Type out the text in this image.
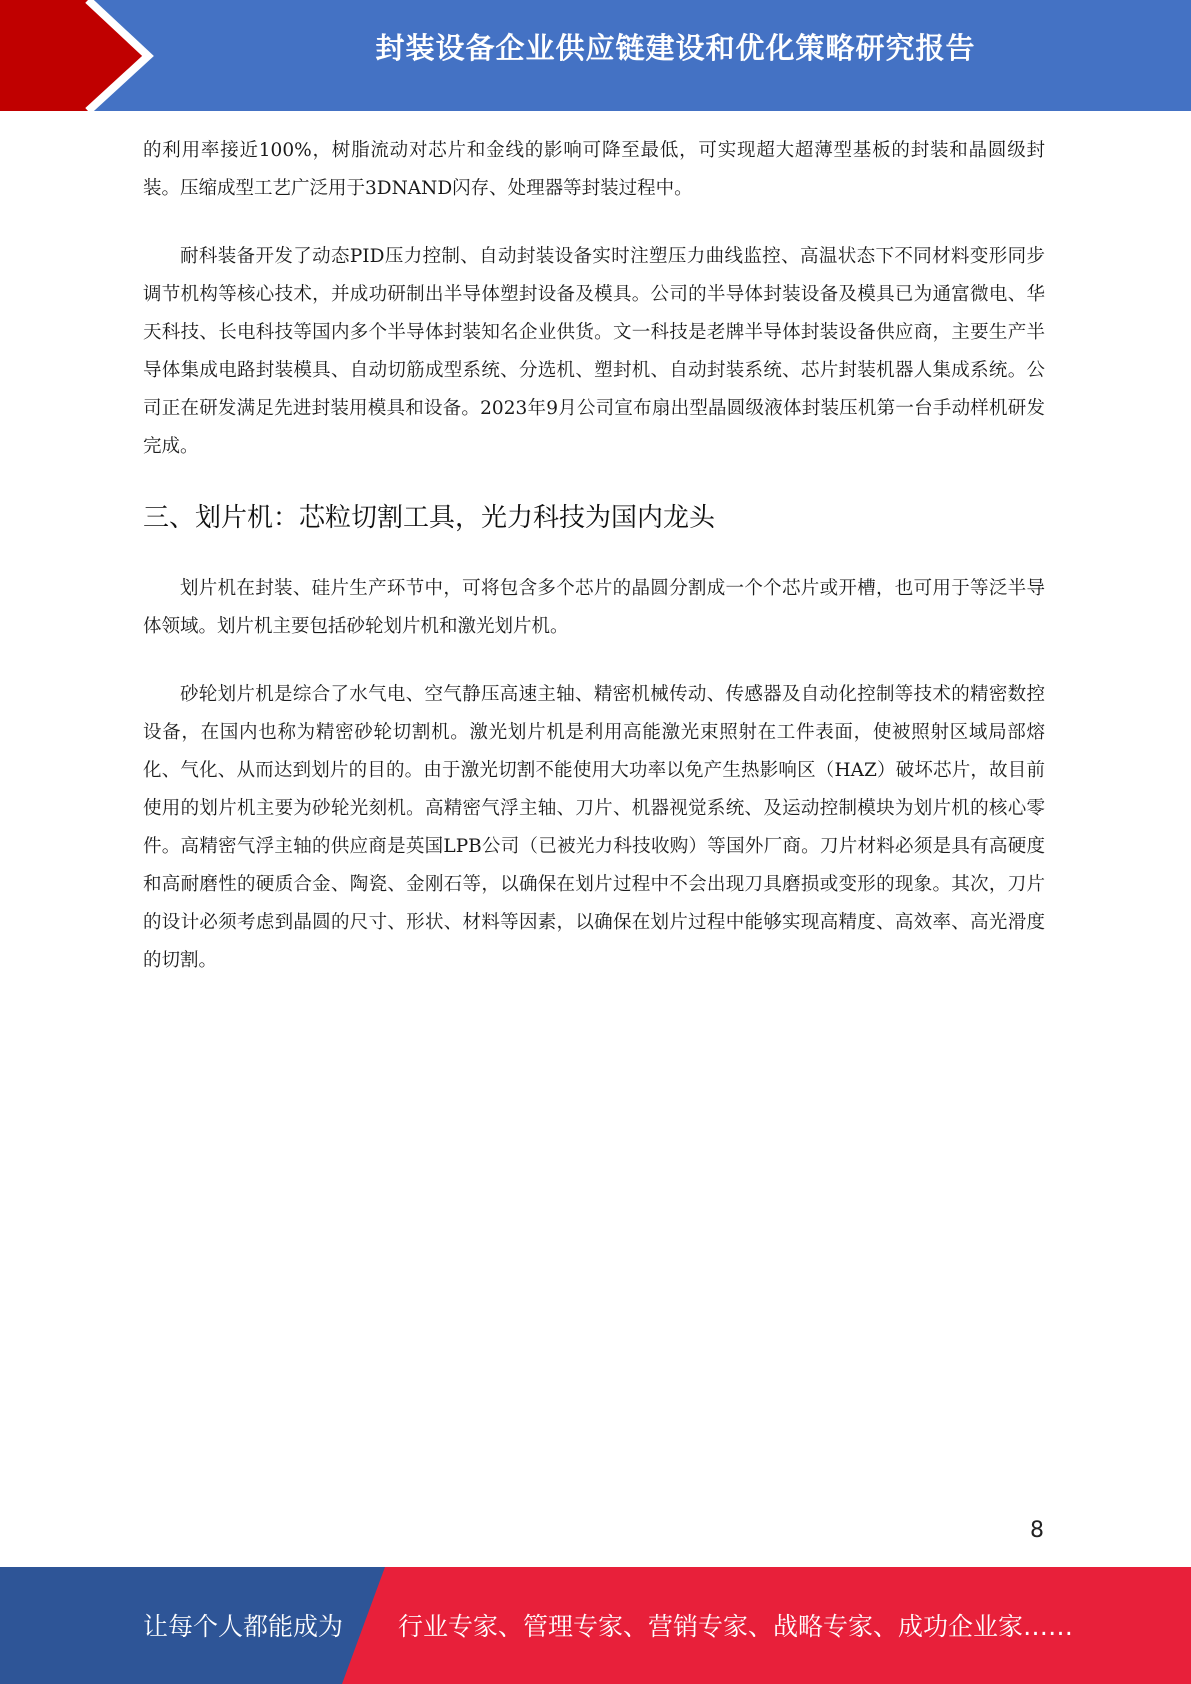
封装设备企业供应链建设和优化策略研究报告

的利用率接近100%，树脂流动对芯片和金线的影响可降至最低，可实现超大超薄型基板的封装和晶圆级封装。压缩成型工艺广泛用于3DNAND闪存、处理器等封装过程中。

耐科装备开发了动态PID压力控制、自动封装设备实时注塑压力曲线监控、高温状态下不同材料变形同步调节机构等核心技术，并成功研制出半导体塑封设备及模具。公司的半导体封装设备及模具已为通富微电、华天科技、长电科技等国内多个半导体封装知名企业供货。文一科技是老牌半导体封装设备供应商，主要生产半导体集成电路封装模具、自动切筋成型系统、分选机、塑封机、自动封装系统、芯片封装机器人集成系统。公司正在研发满足先进封装用模具和设备。2023年9月公司宣布扇出型晶圆级液体封装压机第一台手动样机研发完成。

三、划片机：芯粒切割工具，光力科技为国内龙头

划片机在封装、硅片生产环节中，可将包含多个芯片的晶圆分割成一个个芯片或开槽，也可用于等泛半导体领域。划片机主要包括砂轮划片机和激光划片机。

砂轮划片机是综合了水气电、空气静压高速主轴、精密机械传动、传感器及自动化控制等技术的精密数控设备，在国内也称为精密砂轮切割机。激光划片机是利用高能激光束照射在工件表面，使被照射区域局部熔化、气化、从而达到划片的目的。由于激光切割不能使用大功率以免产生热影响区（HAZ）破坏芯片，故目前使用的划片机主要为砂轮光刻机。高精密气浮主轴、刀片、机器视觉系统、及运动控制模块为划片机的核心零件。高精密气浮主轴的供应商是英国LPB公司（已被光力科技收购）等国外厂商。刀片材料必须是具有高硬度和高耐磨性的硬质合金、陶瓷、金刚石等，以确保在划片过程中不会出现刀具磨损或变形的现象。其次，刀片的设计必须考虑到晶圆的尺寸、形状、材料等因素，以确保在划片过程中能够实现高精度、高效率、高光滑度的切割。

8
让每个人都能成为 行业专家、管理专家、营销专家、战略专家、成功企业家……
